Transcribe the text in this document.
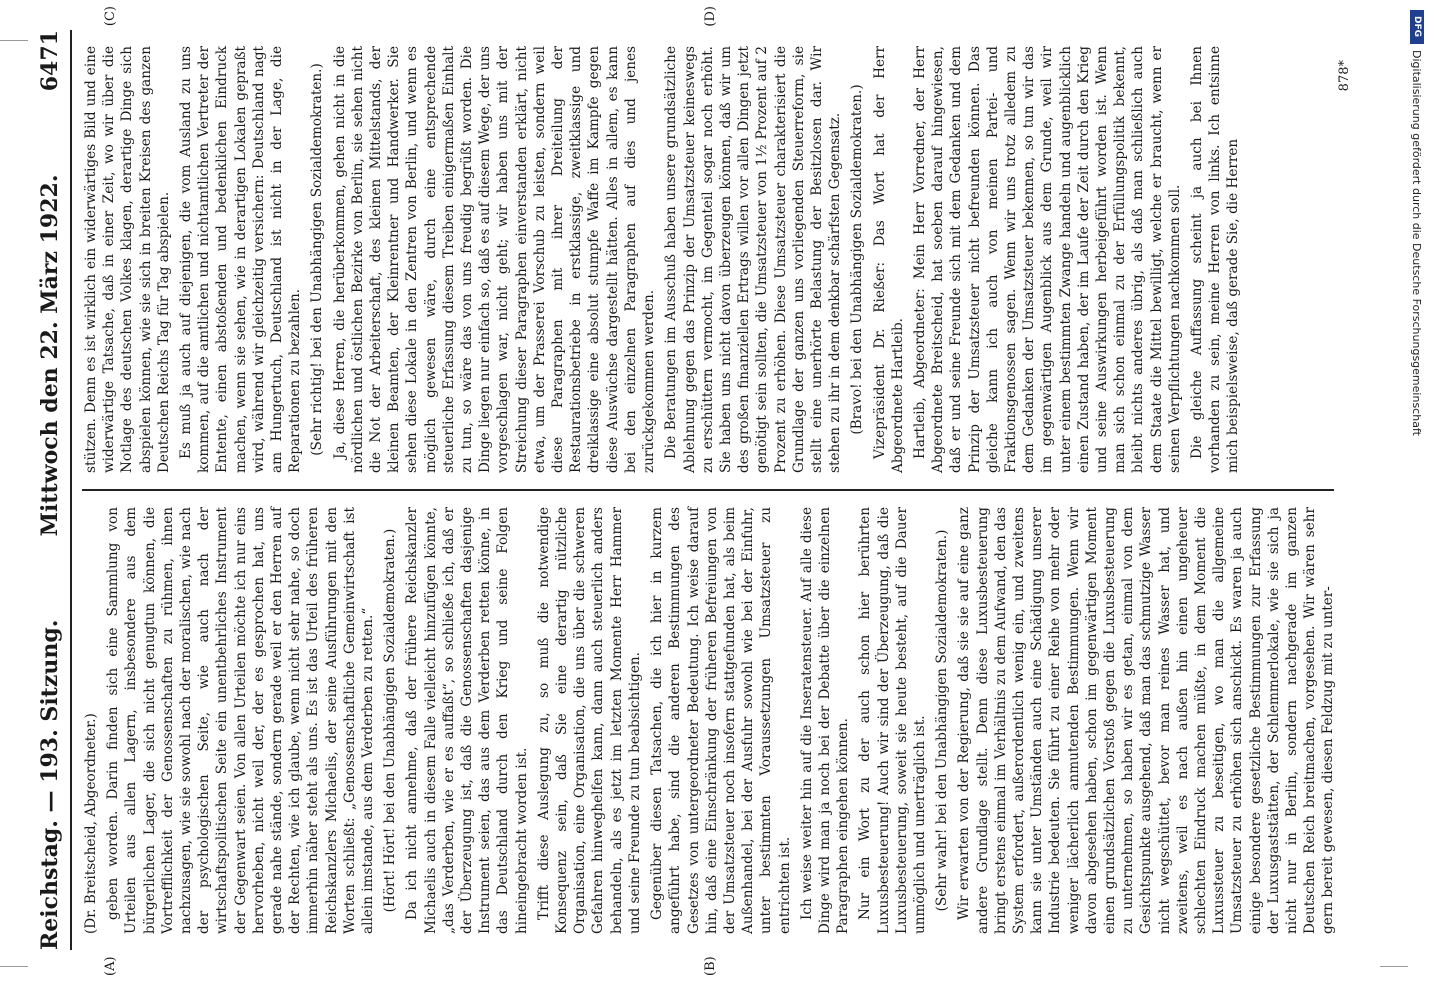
Reichstag. — 193. Sitzung.
Mittwoch den 22. März 1922.
6471
(A)	(B)

(Dr. Breitscheid, Abgeordneter.) geben worden. Darin finden sich eine Sammlung von Urteilen aus allen Lagern, insbesondere aus dem bürgerlichen Lager, die sich nicht genugtun können, die Vortrefflichkeit der Genossenschaften zu rühmen, ihnen nachzusagen, wie sie sowohl nach der moralischen, wie nach der psychologischen Seite, wie auch nach der wirtschaftspolitischen Seite ein unentbehrliches Instrument der Gegenwart seien. Von allen Urteilen möchte ich nur eins hervorheben, nicht weil der, der es gesprochen hat, uns gerade nahe stände, sondern gerade weil er den Herren auf der Rechten, wie ich glaube, wenn nicht sehr nahe, so doch immerhin näher steht als uns. Es ist das Urteil des früheren Reichskanzlers Michaelis, der seine Ausführungen mit den Worten schließt: „Genossenschaftliche Gemeinwirtschaft ist allein imstande, aus dem Verderben zu retten.“ (Hört! Hört! bei den Unabhängigen Sozialdemokraten.) Da ich nicht annehme, daß der frühere Reichskanzler Michaelis auch in diesem Falle vielleicht hinzufügen könnte, „das Verderben, wie er es auffaßt“, so schließe ich, daß er der Überzeugung ist, daß die Genossenschaften dasjenige Instrument seien, das aus dem Verderben retten könne, in das Deutschland durch den Krieg und seine Folgen hineingebracht worden ist. Trifft diese Auslegung zu, so muß die notwendige Konsequenz sein, daß Sie eine derartig nützliche Organisation, eine Organisation, die uns über die schweren Gefahren hinweghelfen kann, dann auch steuerlich anders behandeln, als es jetzt im letzten Momente Herr Hammer und seine Freunde zu tun beabsichtigen. Gegenüber diesen Tatsachen, die ich hier in kurzem angeführt habe, sind die anderen Bestimmungen des Gesetzes von untergeordneter Bedeutung. Ich weise darauf hin, daß eine Einschränkung der früheren Befreiungen von der Umsatzsteuer noch insofern stattgefunden hat, als beim Außenhandel, bei der Ausfuhr sowohl wie bei der Einfuhr, unter bestimmten Voraussetzungen Umsatzsteuer zu entrichten ist. Ich weise weiter hin auf die Inseratensteuer. Auf alle diese Dinge wird man ja noch bei der Debatte über die einzelnen Paragraphen eingehen können. Nur ein Wort zu der auch schon hier berührten Luxusbesteuerung! Auch wir sind der Überzeugung, daß die Luxusbesteuerung, soweit sie heute besteht, auf die Dauer unmöglich und unerträglich ist. (Sehr wahr! bei den Unabhängigen Sozialdemokraten.) Wir erwarten von der Regierung, daß sie sie auf eine ganz andere Grundlage stellt. Denn diese Luxusbesteuerung bringt erstens einmal im Verhältnis zu dem Aufwand, den das System erfordert, außerordentlich wenig ein, und zweitens kann sie unter Umständen auch eine Schädigung unserer Industrie bedeuten. Sie führt zu einer Reihe von mehr oder weniger lächerlich anmutenden Bestimmungen. Wenn wir davon abgesehen haben, schon im gegenwärtigen Moment einen grundsätzlichen Vorstoß gegen die Luxusbesteuerung zu unternehmen, so haben wir es getan, einmal von dem Gesichtspunkte ausgehend, daß man das schmutzige Wasser nicht wegschüttet, bevor man reines Wasser hat, und zweitens, weil es nach außen hin einen ungeheuer schlechten Eindruck machen müßte, in dem Moment die Luxussteuer zu beseitigen, wo man die allgemeine Umsatzsteuer zu erhöhen sich anschickt. Es waren ja auch einige besondere gesetzliche Bestimmungen zur Erfassung der Luxusgaststätten, der Schlemmerlokale, wie sie sich ja nicht nur in Berlin, sondern nachgerade im ganzen Deutschen Reich breitmachen, vorgesehen. Wir wären sehr gern bereit gewesen, diesen Feldzug mit zu unter-

(C)	(D)

stützen. Denn es ist wirklich ein widerwärtiges Bild und eine widerwärtige Tatsache, daß in einer Zeit, wo wir über die Notlage des deutschen Volkes klagen, derartige Dinge sich abspielen können, wie sie sich in breiten Kreisen des ganzen Deutschen Reichs Tag für Tag abspielen. Es muß ja auch auf diejenigen, die vom Ausland zu uns kommen, auf die amtlichen und nichtamtlichen Vertreter der Entente, einen abstoßenden und bedenklichen Eindruck machen, wenn sie sehen, wie in derartigen Lokalen gepraßt wird, während wir gleichzeitig versichern: Deutschland nagt am Hungertuch, Deutschland ist nicht in der Lage, die Reparationen zu bezahlen. (Sehr richtig! bei den Unabhängigen Sozialdemokraten.) Ja, diese Herren, die herüberkommen, gehen nicht in die nördlichen und östlichen Bezirke von Berlin, sie sehen nicht die Not der Arbeiterschaft, des kleinen Mittelstands, der kleinen Beamten, der Kleinrentner und Handwerker. Sie sehen diese Lokale in den Zentren von Berlin, und wenn es möglich gewesen wäre, durch eine entsprechende steuerliche Erfassung diesem Treiben einigermaßen Einhalt zu tun, so wäre das von uns freudig begrüßt worden. Die Dinge liegen nur einfach so, daß es auf diesem Wege, der uns vorgeschlagen war, nicht geht; wir haben uns mit der Streichung dieser Paragraphen einverstanden erklärt, nicht etwa, um der Prasserei Vorschub zu leisten, sondern weil diese Paragraphen mit ihrer Dreiteilung der Restaurationsbetriebe in erstklassige, zweitklassige und dreiklassige eine absolut stumpfe Waffe im Kampfe gegen diese Auswüchse dargestellt hätten. Alles in allem, es kann bei den einzelnen Paragraphen auf dies und jenes zurückgekommen werden. Die Beratungen im Ausschuß haben unsere grundsätzliche Ablehnung gegen das Prinzip der Umsatzsteuer keineswegs zu erschüttern vermocht, im Gegenteil sogar noch erhöht. Sie haben uns nicht davon überzeugen können, daß wir um des großen finanziellen Ertrags willen vor allen Dingen jetzt genötigt sein sollten, die Umsatzsteuer von 1½ Prozent auf 2 Prozent zu erhöhen. Diese Umsatzsteuer charakterisiert die Grundlage der ganzen uns vorliegenden Steuerreform, sie stellt eine unerhörte Belastung der Besitzlosen dar. Wir stehen zu ihr in dem denkbar schärfsten Gegensatz. (Bravo! bei den Unabhängigen Sozialdemokraten.) Vizepräsident Dr. Rießer: Das Wort hat der Herr Abgeordnete Hartleib. Hartleib, Abgeordneter: Mein Herr Vorredner, der Herr Abgeordnete Breitscheid, hat soeben darauf hingewiesen, daß er und seine Freunde sich mit dem Gedanken und dem Prinzip der Umsatzsteuer nicht befreunden können. Das gleiche kann ich auch von meinen Partei- und Fraktionsgenossen sagen. Wenn wir uns trotz alledem zu dem Gedanken der Umsatzsteuer bekennen, so tun wir das im gegenwärtigen Augenblick aus dem Grunde, weil wir unter einem bestimmten Zwange handeln und augenblicklich einen Zustand haben, der im Laufe der Zeit durch den Krieg und seine Auswirkungen herbeigeführt worden ist. Wenn man sich schon einmal zu der Erfüllungspolitik bekennt, bleibt nichts anderes übrig, als daß man schließlich auch dem Staate die Mittel bewilligt, welche er braucht, wenn er seinen Verpflichtungen nachkommen soll. Die gleiche Auffassung scheint ja auch bei Ihnen vorhanden zu sein, meine Herren von links. Ich entsinne mich beispielsweise, daß gerade Sie, die Herren

878*
DFG
Digitalisierung gefördert durch die Deutsche Forschungsgemeinschaft
